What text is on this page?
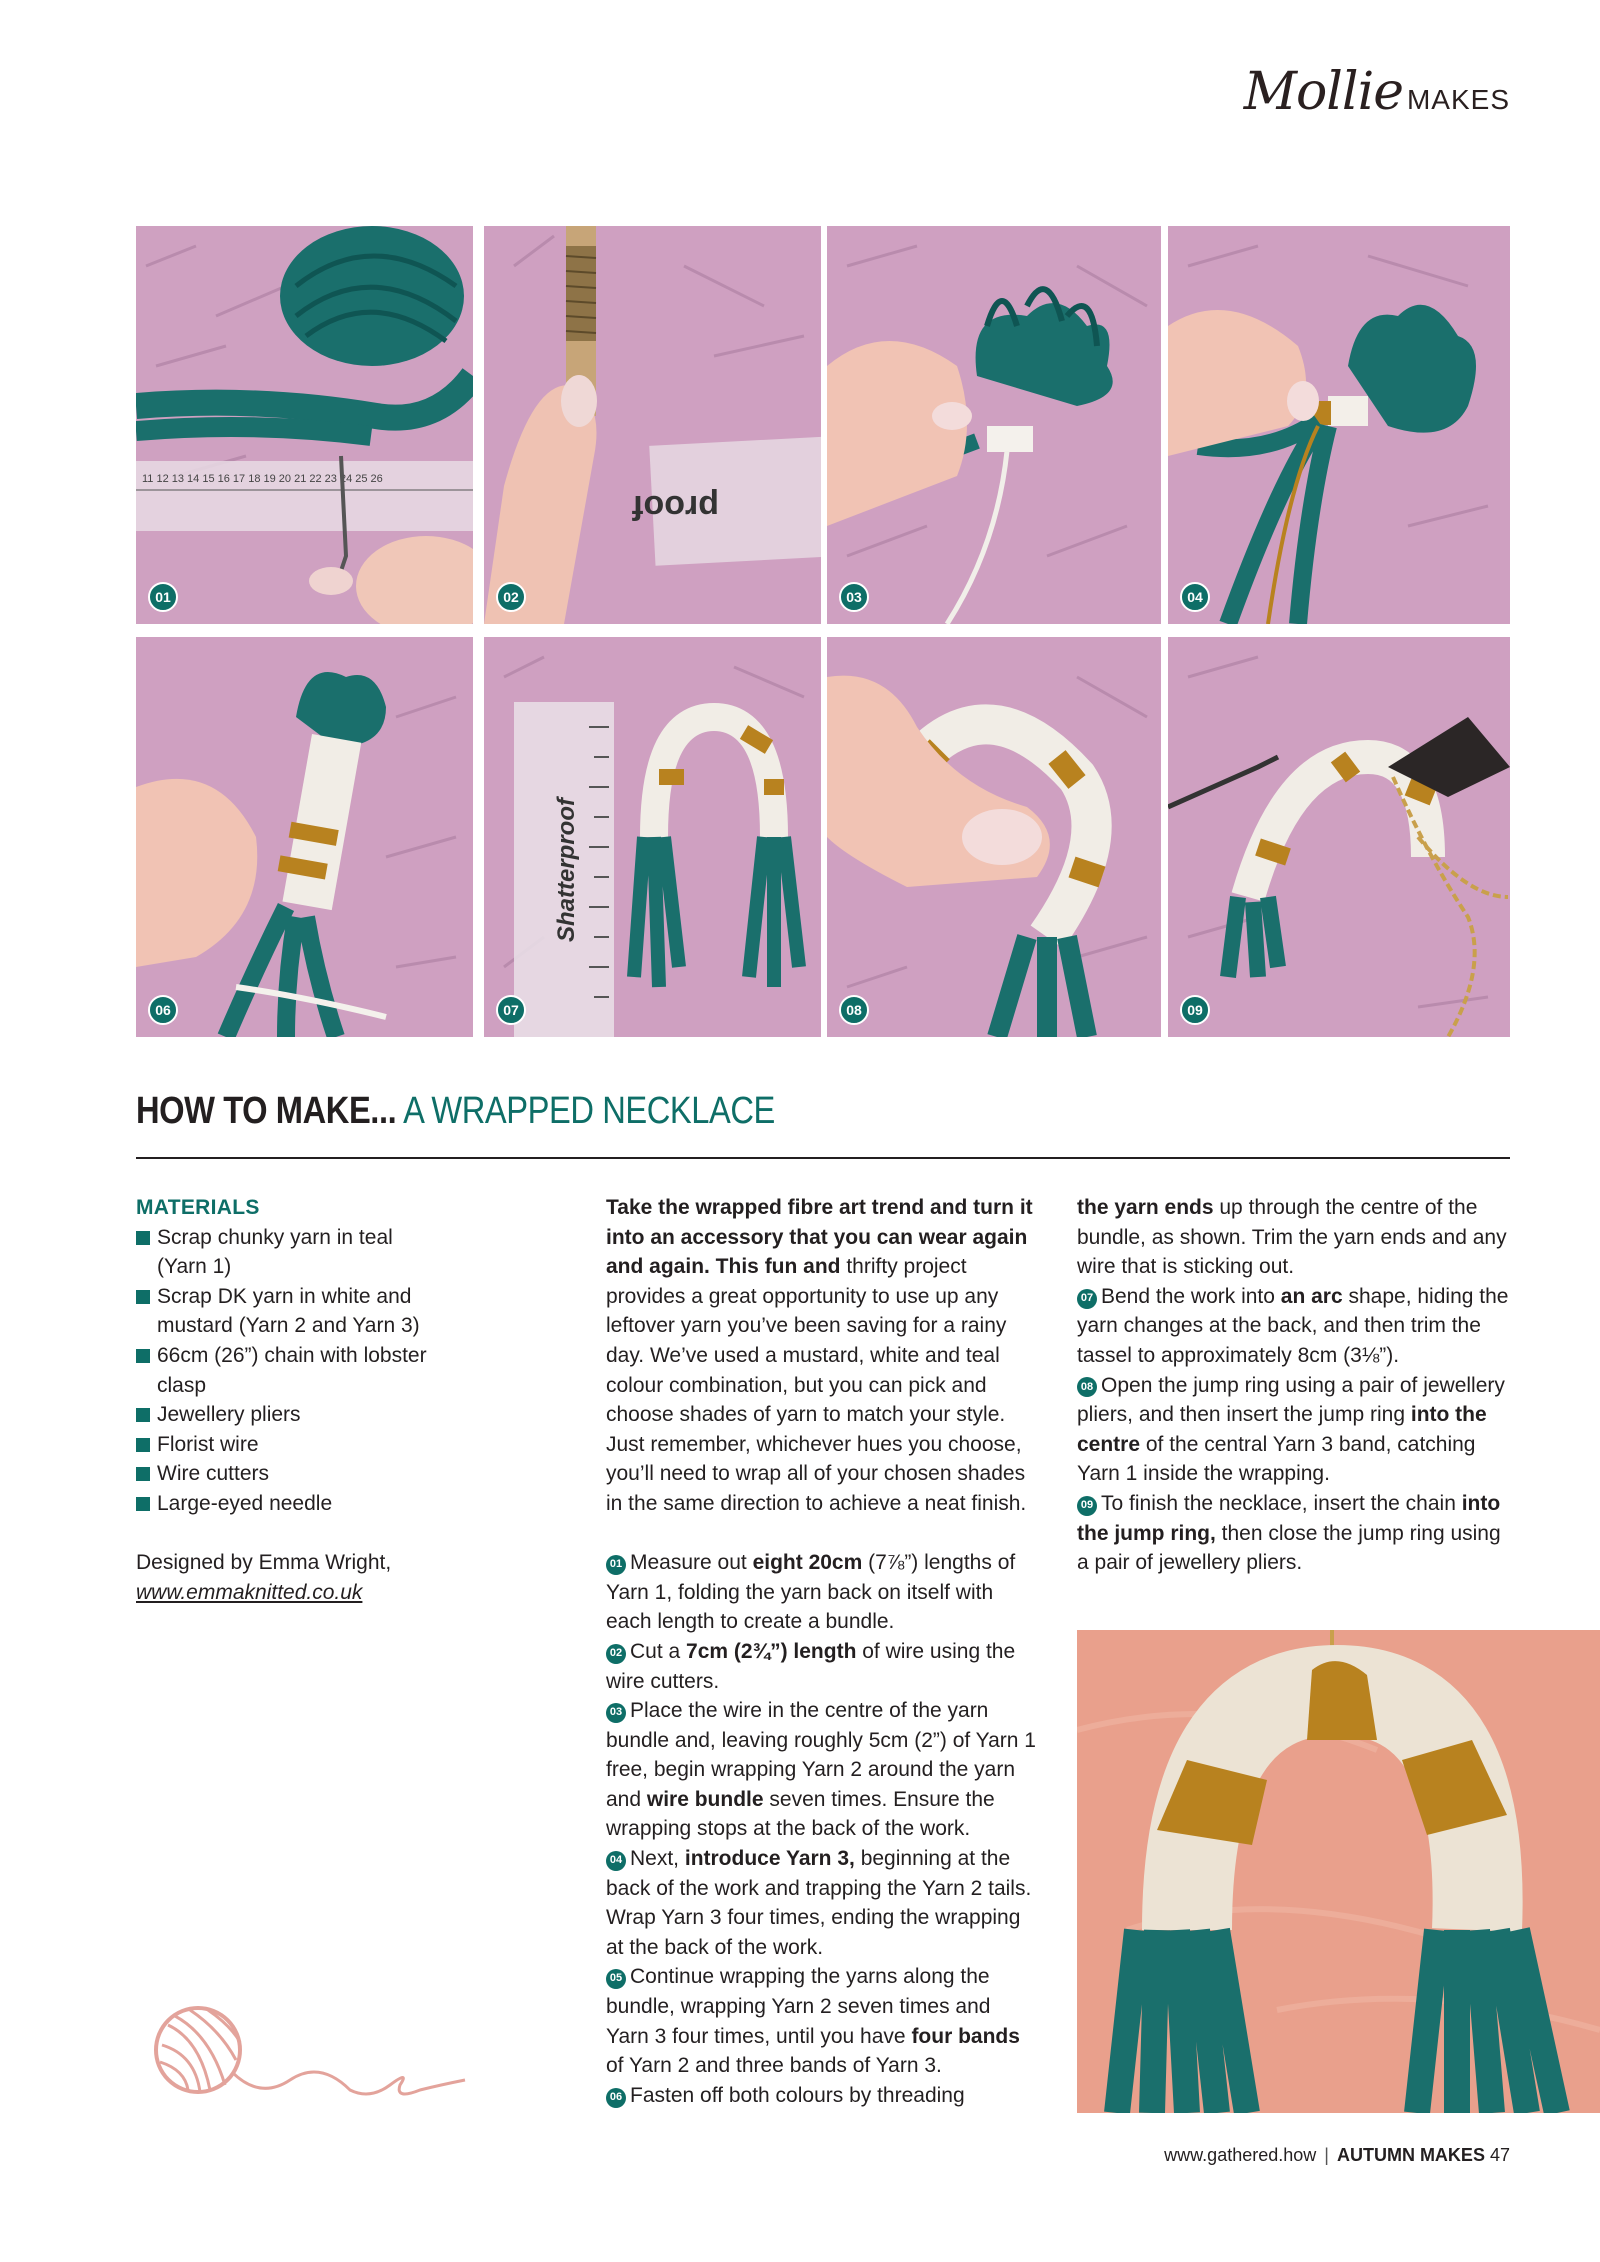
Mollie MAKES
11 12 13 14 15 16 17 18 19 20 21 22 23 24 25 26
01
proof
02	03	04
06
Shatterproof
07	08	09
HOW TO MAKE... A WRAPPED NECKLACE
MATERIALS
Scrap chunky yarn in teal (Yarn 1)
Scrap DK yarn in white and mustard (Yarn 2 and Yarn 3)
66cm (26”) chain with lobster clasp
Jewellery pliers
Florist wire
Wire cutters
Large-eyed needle
Designed by Emma Wright,
www.emmaknitted.co.uk

Take the wrapped fibre art trend and turn it into an accessory that you can wear again and again. This fun and thrifty project provides a great opportunity to use up any leftover yarn you’ve been saving for a rainy day. We’ve used a mustard, white and teal colour combination, but you can pick and choose shades of yarn to match your style. Just remember, whichever hues you choose, you’ll need to wrap all of your chosen shades in the same direction to achieve a neat finish.

01 Measure out eight 20cm (7⅞”) lengths of Yarn 1, folding the yarn back on itself with each length to create a bundle.

02 Cut a 7cm (2¾”) length of wire using the wire cutters.

03 Place the wire in the centre of the yarn bundle and, leaving roughly 5cm (2”) of Yarn 1 free, begin wrapping Yarn 2 around the yarn and wire bundle seven times. Ensure the wrapping stops at the back of the work.

04 Next, introduce Yarn 3, beginning at the back of the work and trapping the Yarn 2 tails. Wrap Yarn 3 four times, ending the wrapping at the back of the work.

05 Continue wrapping the yarns along the bundle, wrapping Yarn 2 seven times and Yarn 3 four times, until you have four bands of Yarn 2 and three bands of Yarn 3.

06 Fasten off both colours by threading

the yarn ends up through the centre of the bundle, as shown. Trim the yarn ends and any wire that is sticking out.

07 Bend the work into an arc shape, hiding the yarn changes at the back, and then trim the tassel to approximately 8cm (3⅛”).

08 Open the jump ring using a pair of jewellery pliers, and then insert the jump ring into the centre of the central Yarn 3 band, catching Yarn 1 inside the wrapping.

09 To finish the necklace, insert the chain into the jump ring, then close the jump ring using a pair of jewellery pliers.

www.gathered.how | AUTUMN MAKES 47
